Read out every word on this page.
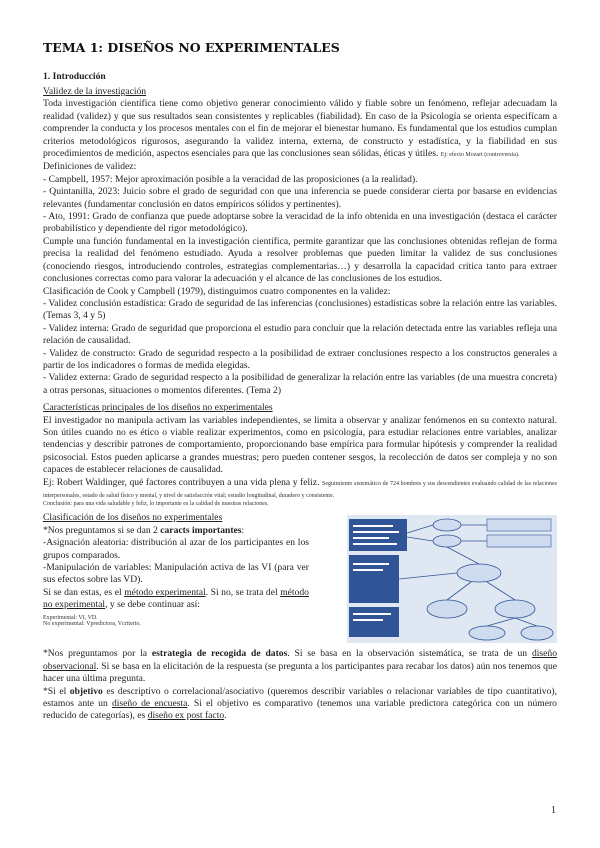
TEMA 1: DISEÑOS NO EXPERIMENTALES
1. Introducción
Validez de la investigación

Toda investigación científica tiene como objetivo generar conocimiento válido y fiable sobre un fenómeno, reflejar adecuadam la realidad (validez) y que sus resultados sean consistentes y replicables (fiabilidad). En caso de la Psicología se orienta especifícam a comprender la conducta y los procesos mentales con el fin de mejorar el bienestar humano. Es fundamental que los estudios cumplan criterios metodológicos rigurosos, asegurando la validez interna, externa, de constructo y estadística, y la fiabilidad en sus procedimientos de medición, aspectos esenciales para que las conclusiones sean sólidas, éticas y útiles. Ej: efecto Mozart (controversia).

Definiciones de validez:

- Campbell, 1957: Mejor aproximación posible a la veracidad de las proposiciones (a la realidad).

- Quintanilla, 2023: Juicio sobre el grado de seguridad con que una inferencia se puede considerar cierta por basarse en evidencias relevantes (fundamentar conclusión en datos empíricos sólidos y pertinentes).

- Ato, 1991: Grado de confianza que puede adoptarse sobre la veracidad de la info obtenida en una investigación (destaca el carácter probabilístico y dependiente del rigor metodológico).

Cumple una función fundamental en la investigación científica, permite garantizar que las conclusiones obtenidas reflejan de forma precisa la realidad del fenómeno estudiado. Ayuda a resolver problemas que pueden limitar la validez de sus conclusiones (conociendo riesgos, introduciendo controles, estrategias complementarias…) y desarrolla la capacidad crítica tanto para extraer conclusiones correctas como para valorar la adecuación y el alcance de las conclusiones de los estudios.

Clasificación de Cook y Campbell (1979), distinguimos cuatro componentes en la validez:

- Validez conclusión estadística: Grado de seguridad de las inferencias (conclusiones) estadísticas sobre la relación entre las variables. (Temas 3, 4 y 5)

- Validez interna: Grado de seguridad que proporciona el estudio para concluir que la relación detectada entre las variables refleja una relación de causalidad.

- Validez de constructo: Grado de seguridad respecto a la posibilidad de extraer conclusiones respecto a los constructos generales a partir de los indicadores o formas de medida elegidas.

- Validez externa: Grado de seguridad respecto a la posibilidad de generalizar la relación entre las variables (de una muestra concreta) a otras personas, situaciones o momentos diferentes. (Tema 2)

Características principales de los diseños no experimentales

El investigador no manipula activam las variables independientes, se limita a observar y analizar fenómenos en su contexto natural. Son útiles cuando no es ético o viable realizar experimentos, como en psicología, para estudiar relaciones entre variables, analizar tendencias y describir patrones de comportamiento, proporcionando base empírica para formular hipótesis y comprender la realidad psicosocial. Estos pueden aplicarse a grandes muestras; pero pueden contener sesgos, la recolección de datos ser compleja y no son capaces de establecer relaciones de causalidad.

Ej: Robert Waldinger, qué factores contribuyen a una vida plena y feliz. Seguimiento sistemático de 724 hombres y sus descendientes evaluando calidad de las relaciones interpersonales, estado de salud físico y mental, y nivel de satisfacción vital; estudio longitudinal, duradero y consistente.

Conclusión: para una vida saludable y feliz, lo importante es la calidad de nuestras relaciones.
Clasificación de los diseños no experimentales

*Nos preguntamos si se dan 2 caracts importantes:

-Asignación aleatoria: distribución al azar de los participantes en los grupos comparados.

-Manipulación de variables: Manipulación activa de las VI (para ver sus efectos sobre las VD).

Si se dan estas, es el método experimental. Si no, se trata del método no experimental, y se debe continuar así:

Experimental: VI, VD.
No experimental: Vpredictora, Vcriterio.

*Nos preguntamos por la estrategia de recogida de datos. Si se basa en la observación sistemática, se trata de un diseño observacional. Si se basa en la elicitación de la respuesta (se pregunta a los participantes para recabar los datos) aún nos tenemos que hacer una última pregunta.

*Si el objetivo es descriptivo o correlacional/asociativo (queremos describir variables o relacionar variables de tipo cuantitativo), estamos ante un diseño de encuesta. Si el objetivo es comparativo (tenemos una variable predictora categórica con un número reducido de categorías), es diseño ex post facto.

1
